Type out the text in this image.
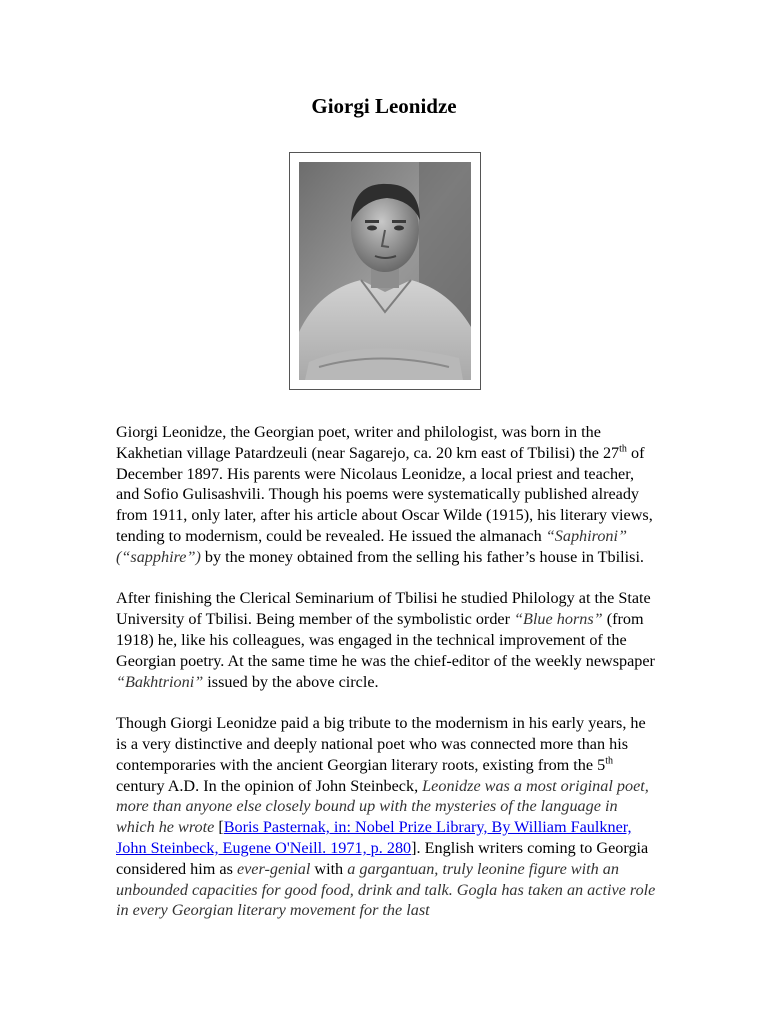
Giorgi Leonidze

Giorgi Leonidze, the Georgian poet, writer and philologist, was born in the Kakhetian village Patardzeuli (near Sagarejo, ca. 20 km east of Tbilisi) the 27th of December 1897. His parents were Nicolaus Leonidze, a local priest and teacher, and Sofio Gulisashvili. Though his poems were systematically published already from 1911, only later, after his article about Oscar Wilde (1915), his literary views, tending to modernism, could be revealed. He issued the almanach “Saphironi” (“sapphire”) by the money obtained from the selling his father’s house in Tbilisi.

After finishing the Clerical Seminarium of Tbilisi he studied Philology at the State University of Tbilisi. Being member of the symbolistic order “Blue horns” (from 1918) he, like his colleagues, was engaged in the technical improvement of the Georgian poetry. At the same time he was the chief-editor of the weekly newspaper “Bakhtrioni” issued by the above circle.

Though Giorgi Leonidze paid a big tribute to the modernism in his early years, he is a very distinctive and deeply national poet who was connected more than his contemporaries with the ancient Georgian literary roots, existing from the 5th century A.D. In the opinion of John Steinbeck, Leonidze was a most original poet, more than anyone else closely bound up with the mysteries of the language in which he wrote [Boris Pasternak, in: Nobel Prize Library, By William Faulkner, John Steinbeck, Eugene O'Neill. 1971, p. 280]. English writers coming to Georgia considered him as ever-genial with a gargantuan, truly leonine figure with an unbounded capacities for good food, drink and talk. Gogla has taken an active role in every Georgian literary movement for the last
